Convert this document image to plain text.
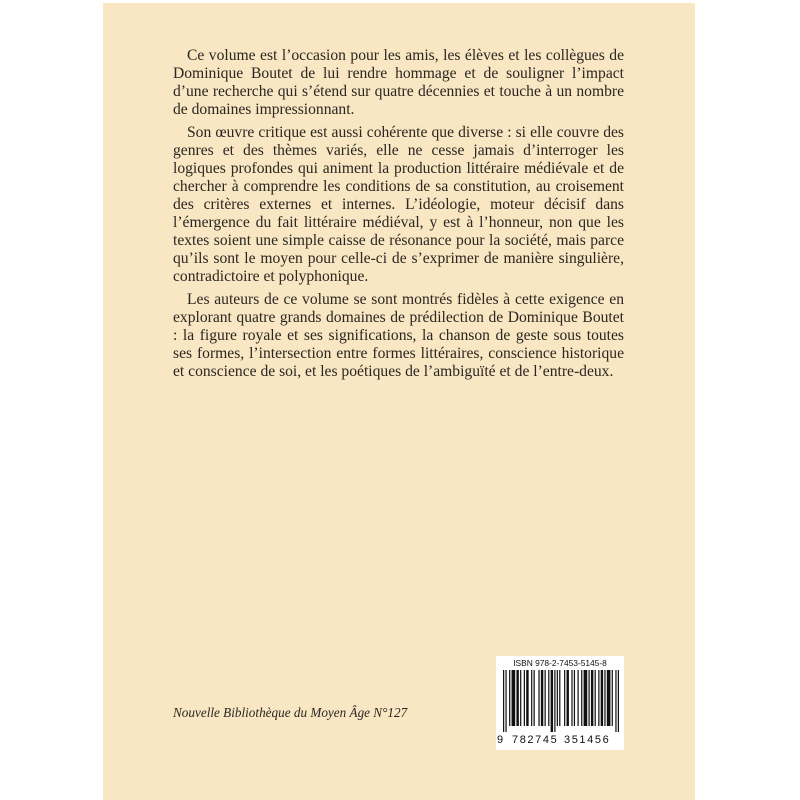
Ce volume est l’occasion pour les amis, les élèves et les collègues de Dominique Boutet de lui rendre hommage et de souligner l’impact d’une recherche qui s’étend sur quatre décennies et touche à un nombre de domaines impressionnant.

Son œuvre critique est aussi cohérente que diverse : si elle couvre des genres et des thèmes variés, elle ne cesse jamais d’interroger les logiques profondes qui animent la production littéraire médiévale et de chercher à comprendre les conditions de sa constitution, au croisement des critères externes et internes. L’idéologie, moteur décisif dans l’émergence du fait littéraire médiéval, y est à l’honneur, non que les textes soient une simple caisse de résonance pour la société, mais parce qu’ils sont le moyen pour celle-ci de s’exprimer de manière singulière, contradictoire et polyphonique.

Les auteurs de ce volume se sont montrés fidèles à cette exigence en explorant quatre grands domaines de prédilection de Dominique Boutet : la figure royale et ses significations, la chanson de geste sous toutes ses formes, l’intersection entre formes littéraires, conscience historique et conscience de soi, et les poétiques de l’ambiguïté et de l’entre-deux.

Nouvelle Bibliothèque du Moyen Âge N°127
ISBN 978-2-7453-5145-8
9 782745 351456
